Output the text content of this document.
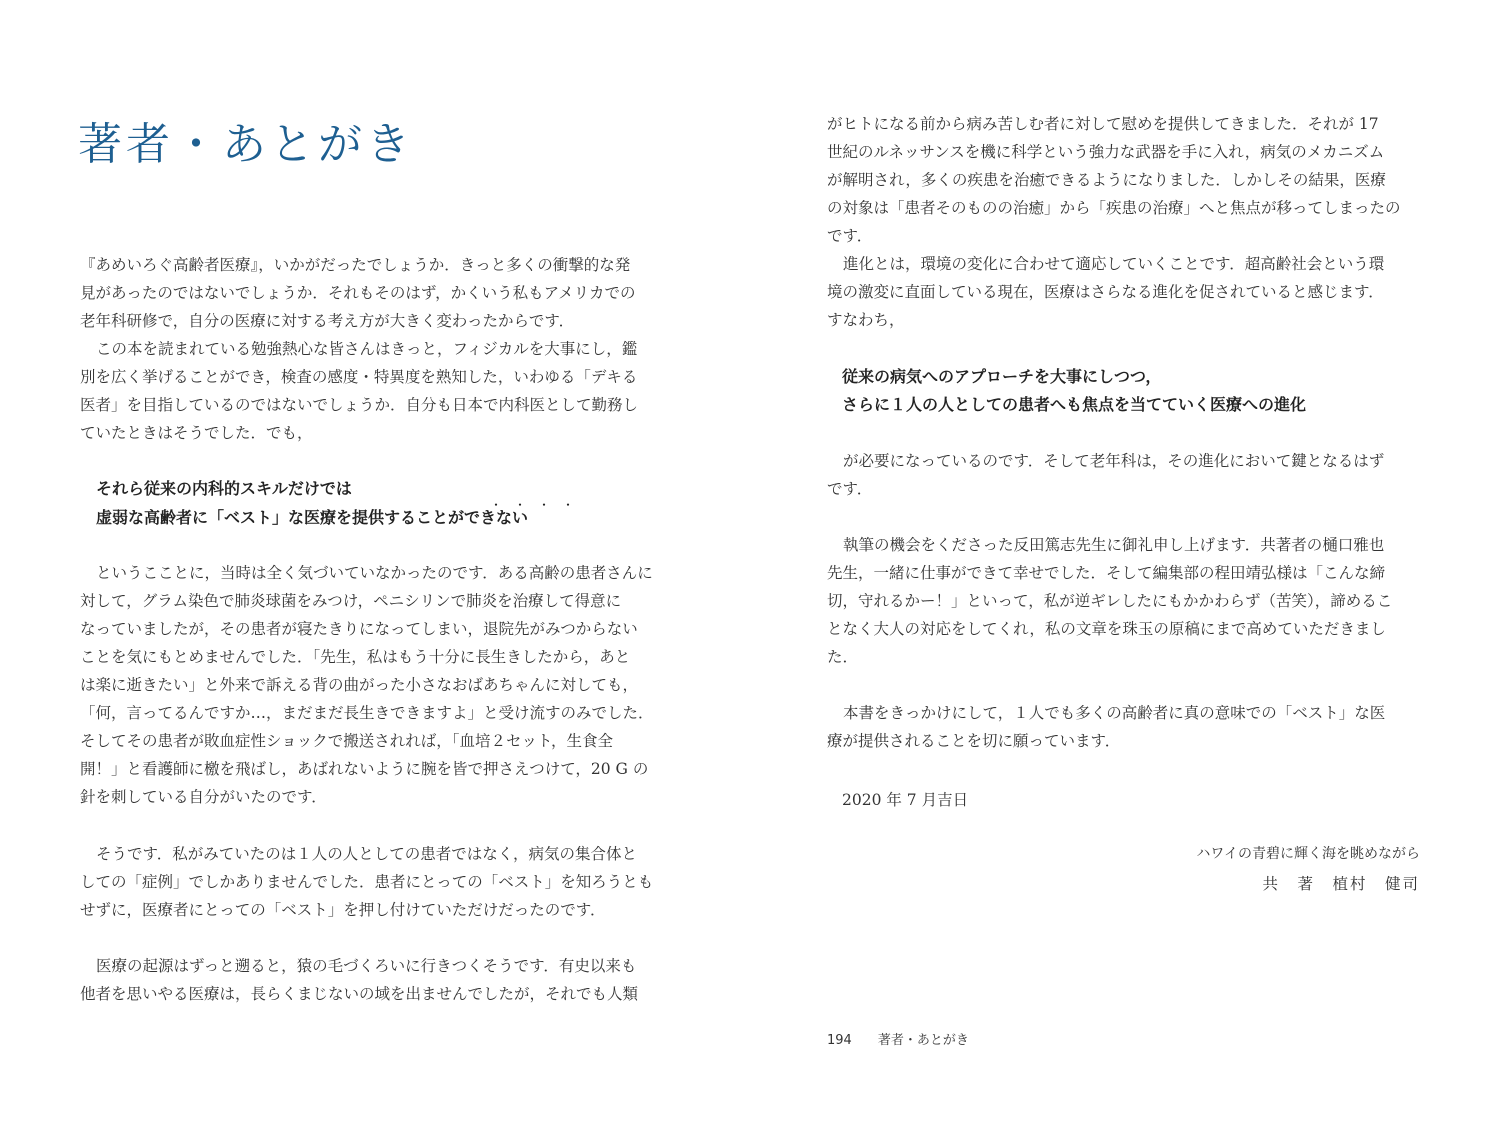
著者・あとがき
『あめいろぐ高齢者医療』，いかがだったでしょうか．きっと多くの衝撃的な発
見があったのではないでしょうか．それもそのはず，かくいう私もアメリカでの
老年科研修で，自分の医療に対する考え方が大きく変わったからです．
この本を読まれている勉強熱心な皆さんはきっと，フィジカルを大事にし，鑑
別を広く挙げることができ，検査の感度・特異度を熟知した，いわゆる「デキる
医者」を目指しているのではないでしょうか．自分も日本で内科医として勤務し
ていたときはそうでした．でも，
それら従来の内科的スキルだけでは
・・・・
虚弱な高齢者に「ベスト」な医療を提供することができない
というこことに，当時は全く気づいていなかったのです．ある高齢の患者さんに
対して，グラム染色で肺炎球菌をみつけ，ペニシリンで肺炎を治療して得意に
なっていましたが，その患者が寝たきりになってしまい，退院先がみつからない
ことを気にもとめませんでした．「先生，私はもう十分に長生きしたから，あと
は楽に逝きたい」と外来で訴える背の曲がった小さなおばあちゃんに対しても，
「何，言ってるんですか…，まだまだ長生きできますよ」と受け流すのみでした．
そしてその患者が敗血症性ショックで搬送されれば，「血培２セット，生食全
開！」と看護師に檄を飛ばし，あばれないように腕を皆で押さえつけて，20 G の
針を刺している自分がいたのです．
そうです．私がみていたのは１人の人としての患者ではなく，病気の集合体と
しての「症例」でしかありませんでした．患者にとっての「ベスト」を知ろうとも
せずに，医療者にとっての「ベスト」を押し付けていただけだったのです．
医療の起源はずっと遡ると，猿の毛づくろいに行きつくそうです．有史以来も
他者を思いやる医療は，長らくまじないの域を出ませんでしたが，それでも人類
がヒトになる前から病み苦しむ者に対して慰めを提供してきました．それが 17
世紀のルネッサンスを機に科学という強力な武器を手に入れ，病気のメカニズム
が解明され，多くの疾患を治癒できるようになりました．しかしその結果，医療
の対象は「患者そのものの治癒」から「疾患の治療」へと焦点が移ってしまったの
です．
進化とは，環境の変化に合わせて適応していくことです．超高齢社会という環
境の激変に直面している現在，医療はさらなる進化を促されていると感じます．
すなわち，
従来の病気へのアプローチを大事にしつつ，
さらに１人の人としての患者へも焦点を当てていく医療への進化
が必要になっているのです．そして老年科は，その進化において鍵となるはず
です．
執筆の機会をくださった反田篤志先生に御礼申し上げます．共著者の樋口雅也
先生，一緒に仕事ができて幸せでした．そして編集部の程田靖弘様は「こんな締
切，守れるかー！」といって，私が逆ギレしたにもかかわらず（苦笑），諦めるこ
となく大人の対応をしてくれ，私の文章を珠玉の原稿にまで高めていただきまし
た．
本書をきっかけにして，１人でも多くの高齢者に真の意味での「ベスト」な医
療が提供されることを切に願っています．
2020 年 7 月吉日
ハワイの青碧に輝く海を眺めながら
共　著　植村　健司
194 著者・あとがき
